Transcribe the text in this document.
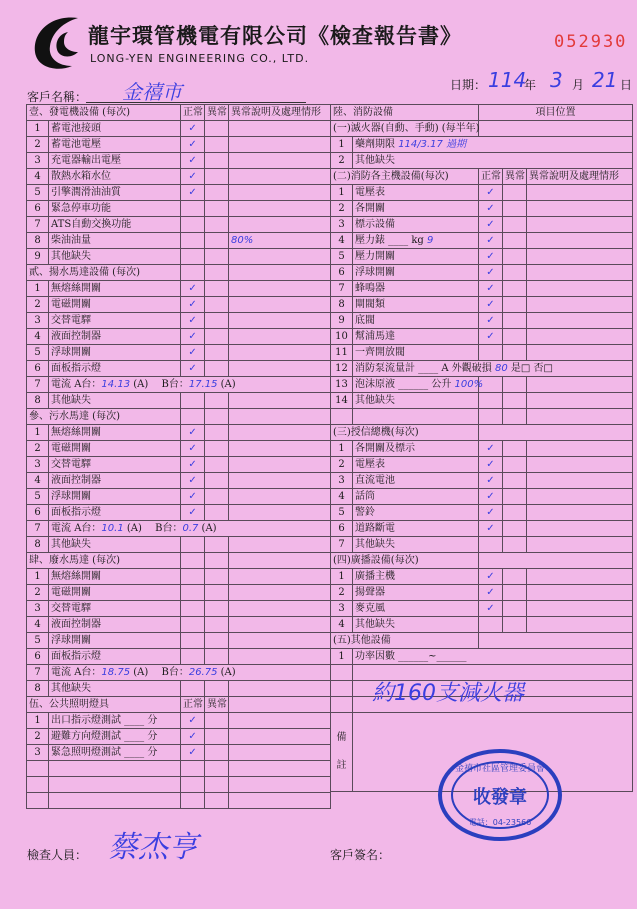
龍宇環管機電有限公司《檢查報告書》
LONG-YEN ENGINEERING CO., LTD.
052930
客戶名稱： 金禧市	日期： 114
年 3 月 21 日
壹、發電機設備 (每次)		正常	異常	異常說明及處理情形
1	蓄電池接頭	✓		
2	蓄電池電壓	✓		
3	充電器輸出電壓	✓		
4	散熱水箱水位	✓		
5	引擎潤滑油油質	✓		
6	緊急停車功能			
7	ATS自動交換功能			
8	柴油油量			80%
9	其他缺失			
貳、揚水馬達設備 (每次)				
1	無熔絲開關	✓		
2	電磁開關	✓		
3	交替電驛	✓		
4	液面控制器	✓		
5	浮球開關	✓		
6	面板指示燈	✓		
7	電流 A台：14.13 (A)　 B台：17.15 (A)			
8	其他缺失			
參、污水馬達 (每次)				
1	無熔絲開關	✓		
2	電磁開關	✓		
3	交替電驛	✓		
4	液面控制器	✓		
5	浮球開關	✓		
6	面板指示燈	✓		
7	電流 A台：10.1 (A)　 B台：0.7 (A)			
8	其他缺失			
肆、廢水馬達 (每次)				
1	無熔絲開關			
2	電磁開關			
3	交替電驛			
4	液面控制器			
5	浮球開關			
6	面板指示燈			
7	電流 A台：18.75 (A)　 B台：26.75 (A)			
8	其他缺失			
伍、公共照明燈具		正常	異常	
1	出口指示燈測試 ____ 分	✓		
2	避難方向燈測試 ____ 分	✓		
3	緊急照明燈測試 ____ 分	✓		

陸、消防設備		項目位置		
(一)滅火器(自動、手動) (每半年)				
1	藥劑期限 114/3.17 過期			
2	其他缺失			
(二)消防各主機設備(每次)		正常	異常	異常說明及處理情形
1	電壓表	✓		
2	各開關	✓		
3	標示設備	✓		
4	壓力錶 ____ kg 9	✓		
5	壓力開關	✓		
6	浮球開關	✓		
7	蜂鳴器	✓		
8	閘閥類	✓		
9	底閥	✓		
10	幫浦馬達	✓		
11	一齊開放閥			
12	消防泵流量計 ____ A 外觀破損 80 是□ 否□			
13	泡沫原液 ______ 公升 100%			
14	其他缺失			

(三)授信總機(每次)				
1	各開關及標示	✓		
2	電壓表	✓		
3	直流電池	✓		
4	話筒	✓		
5	警鈴	✓		
6	道路斷電	✓		
7	其他缺失			
(四)廣播設備(每次)				
1	廣播主機	✓		
2	揚聲器	✓		
3	麥克風	✓		
4	其他缺失			
(五)其他設備				
1	功率因數 ______~______			

備
註				
檢查人員： 蔡杰亨	客戶簽名：
約160支減火器
收發章
金禧市社區管理委員會
電話：04-23566
